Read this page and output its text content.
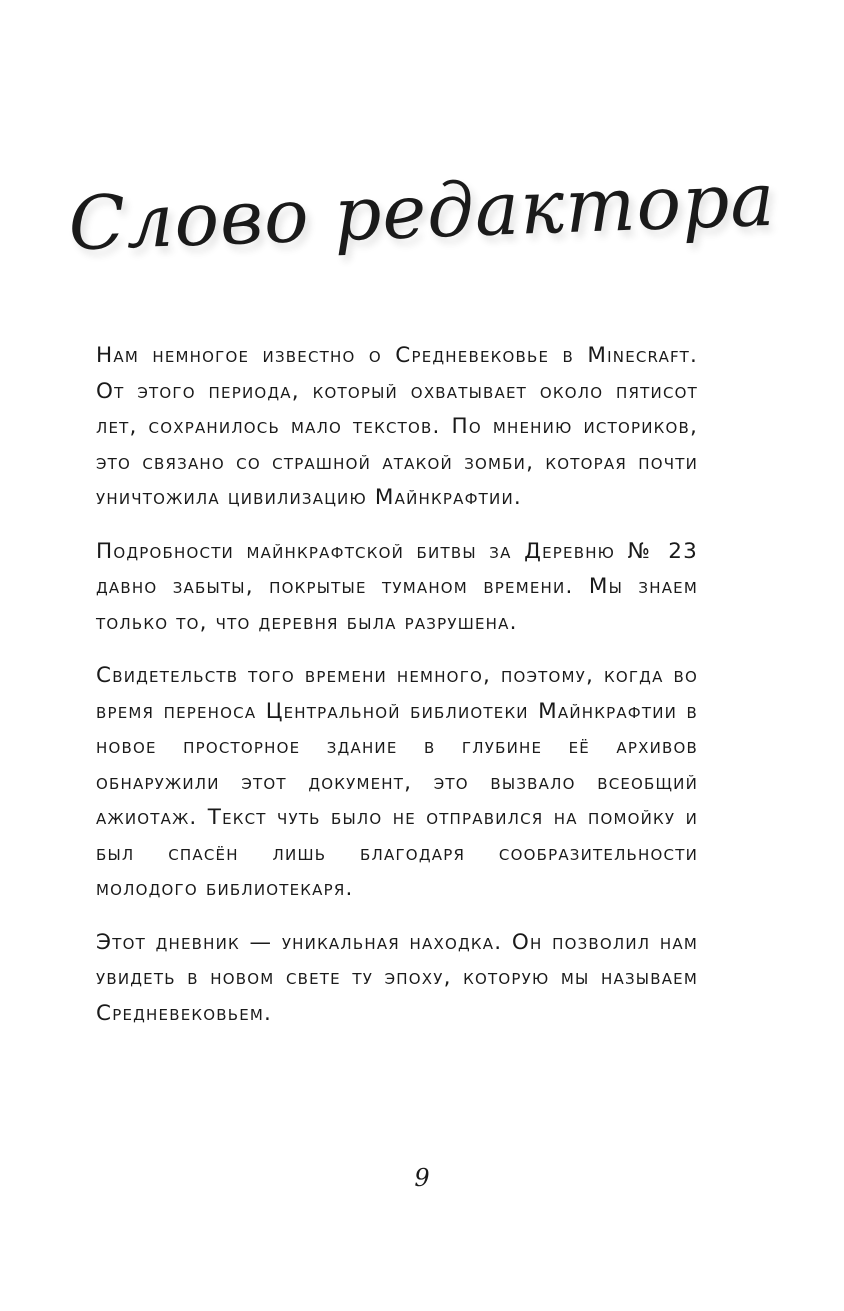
Слово редактора

Нам немногое известно о Средневековье в Minecraft. От этого периода, который охватывает около пятисот лет, сохранилось мало текстов. По мнению историков, это связано со страшной атакой зомби, которая почти уничтожила цивилизацию Майнкрафтии.

Подробности майнкрафтской битвы за Деревню № 23 давно забыты, покрытые туманом времени. Мы знаем только то, что деревня была разрушена.

Свидетельств того времени немного, поэтому, когда во время переноса Центральной библиотеки Майнкрафтии в новое просторное здание в глубине её архивов обнаружили этот документ, это вызвало всеобщий ажиотаж. Текст чуть было не отправился на помойку и был спасён лишь благодаря сообразительности молодого библиотекаря.

Этот дневник — уникальная находка. Он позволил нам увидеть в новом свете ту эпоху, которую мы называем Средневековьем.

9
